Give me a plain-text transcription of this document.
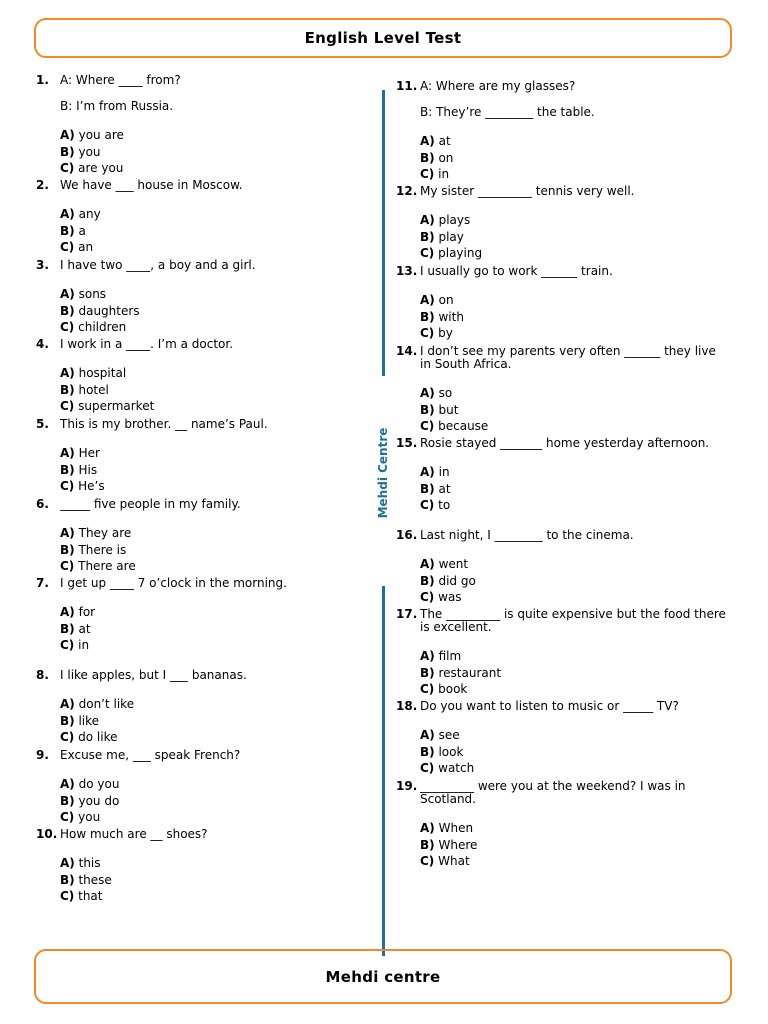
English Level Test
1. A: Where ____ from?
B: I’m from Russia.
A) you are
B) you
C) are you
2. We have ___ house in Moscow.
A) any
B) a
C) an
3. I have two ____, a boy and a girl.
A) sons
B) daughters
C) children
4. I work in a ____. I’m a doctor.
A) hospital
B) hotel
C) supermarket
5. This is my brother. __ name’s Paul.
A) Her
B) His
C) He’s
6. _____ five people in my family.
A) They are
B) There is
C) There are
7. I get up ____ 7 o’clock in the morning.
A) for
B) at
C) in
8. I like apples, but I ___ bananas.
A) don’t like
B) like
C) do like
9. Excuse me, ___ speak French?
A) do you
B) you do
C) you
10. How much are __ shoes?
A) this
B) these
C) that
11. A: Where are my glasses?
B: They’re ________ the table.
A) at
B) on
C) in
12. My sister _________ tennis very well.
A) plays
B) play
C) playing
13. I usually go to work ______ train.
A) on
B) with
C) by
14. I don’t see my parents very often ______ they live in South Africa.
A) so
B) but
C) because
15. Rosie stayed _______ home yesterday afternoon.
A) in
B) at
C) to
16. Last night, I ________ to the cinema.
A) went
B) did go
C) was
17. The _________ is quite expensive but the food there is excellent.
A) film
B) restaurant
C) book
18. Do you want to listen to music or _____ TV?
A) see
B) look
C) watch
19. _________ were you at the weekend? I was in Scotland.
A) When
B) Where
C) What
Mehdi Centre
Mehdi centre
